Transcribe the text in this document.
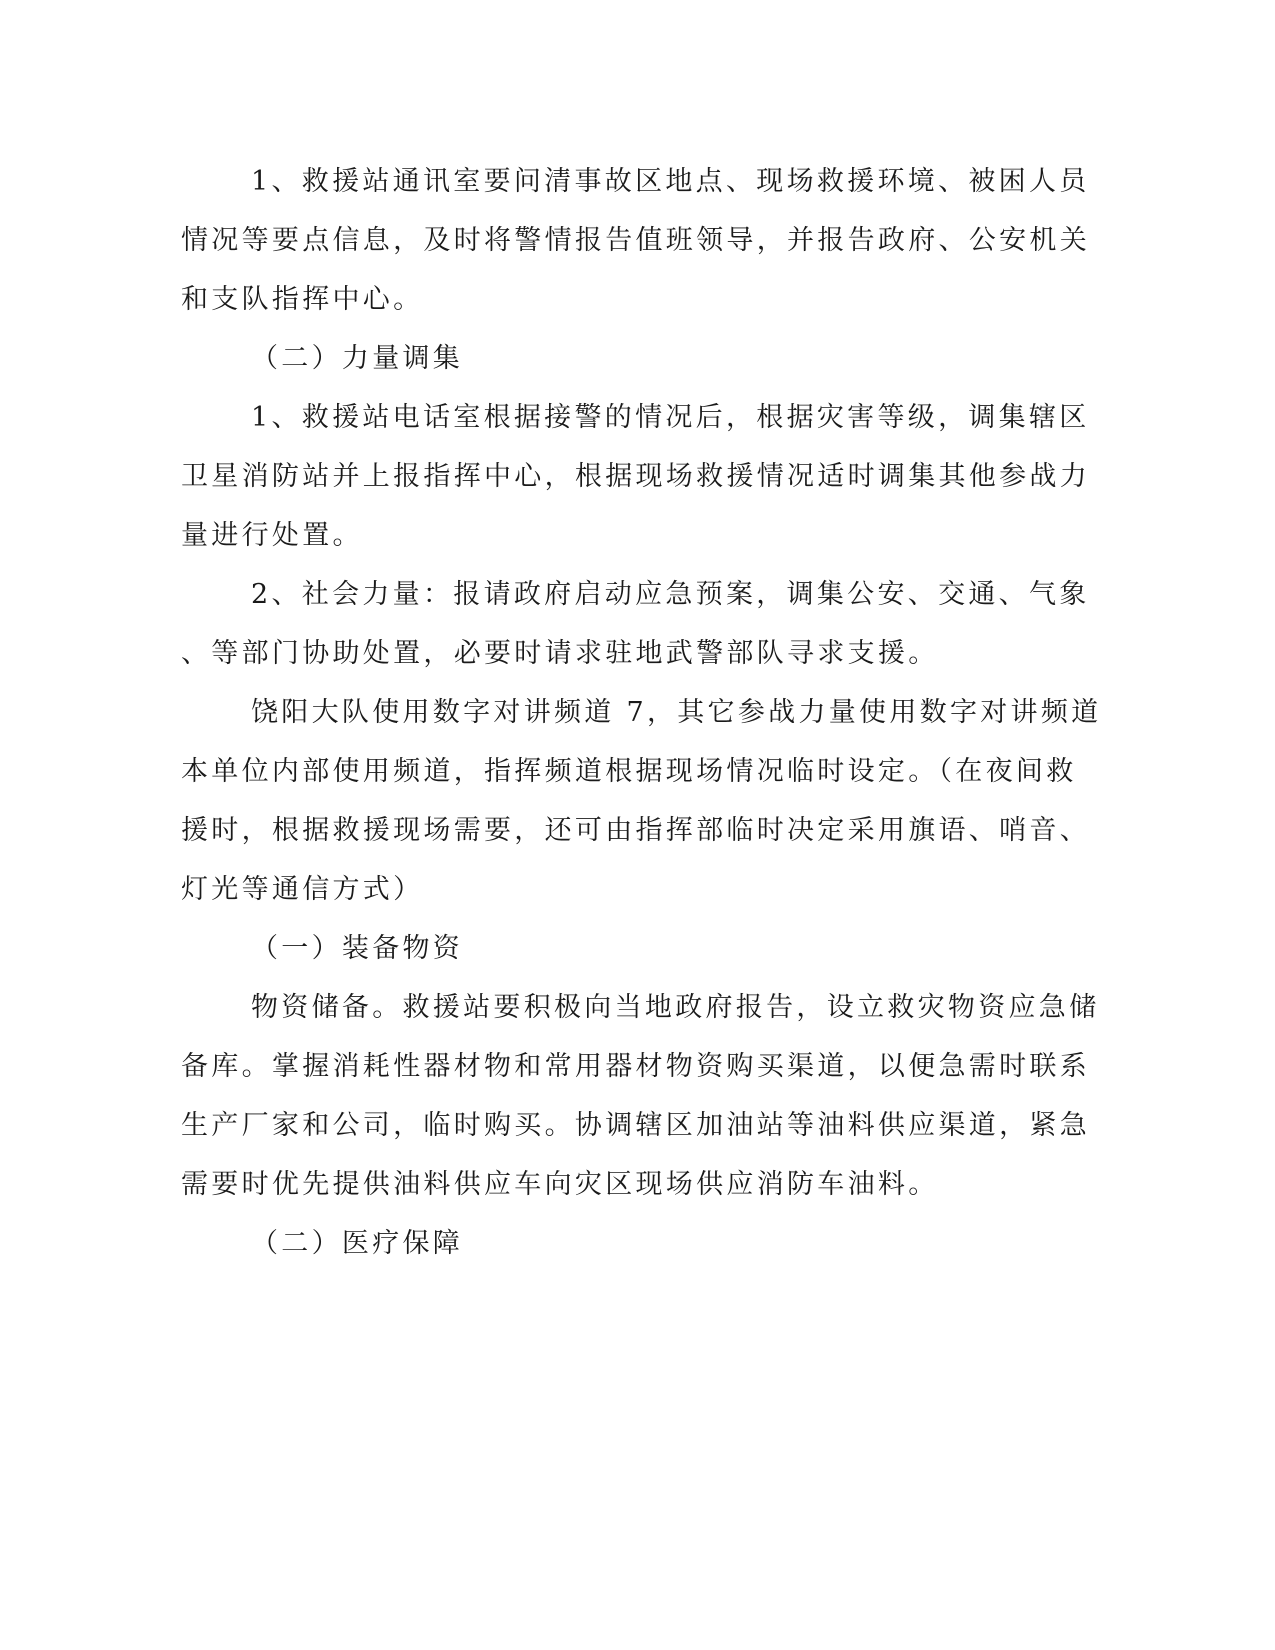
1、救援站通讯室要问清事故区地点、现场救援环境、被困人员

情况等要点信息，及时将警情报告值班领导，并报告政府、公安机关

和支队指挥中心。

（二）力量调集

1、救援站电话室根据接警的情况后，根据灾害等级，调集辖区

卫星消防站并上报指挥中心，根据现场救援情况适时调集其他参战力

量进行处置。

2、社会力量：报请政府启动应急预案，调集公安、交通、气象

、等部门协助处置，必要时请求驻地武警部队寻求支援。

饶阳大队使用数字对讲频道 7，其它参战力量使用数字对讲频道

本单位内部使用频道，指挥频道根据现场情况临时设定。（在夜间救

援时，根据救援现场需要，还可由指挥部临时决定采用旗语、哨音、

灯光等通信方式）

（一）装备物资

物资储备。救援站要积极向当地政府报告，设立救灾物资应急储

备库。掌握消耗性器材物和常用器材物资购买渠道，以便急需时联系

生产厂家和公司，临时购买。协调辖区加油站等油料供应渠道，紧急

需要时优先提供油料供应车向灾区现场供应消防车油料。

（二）医疗保障
